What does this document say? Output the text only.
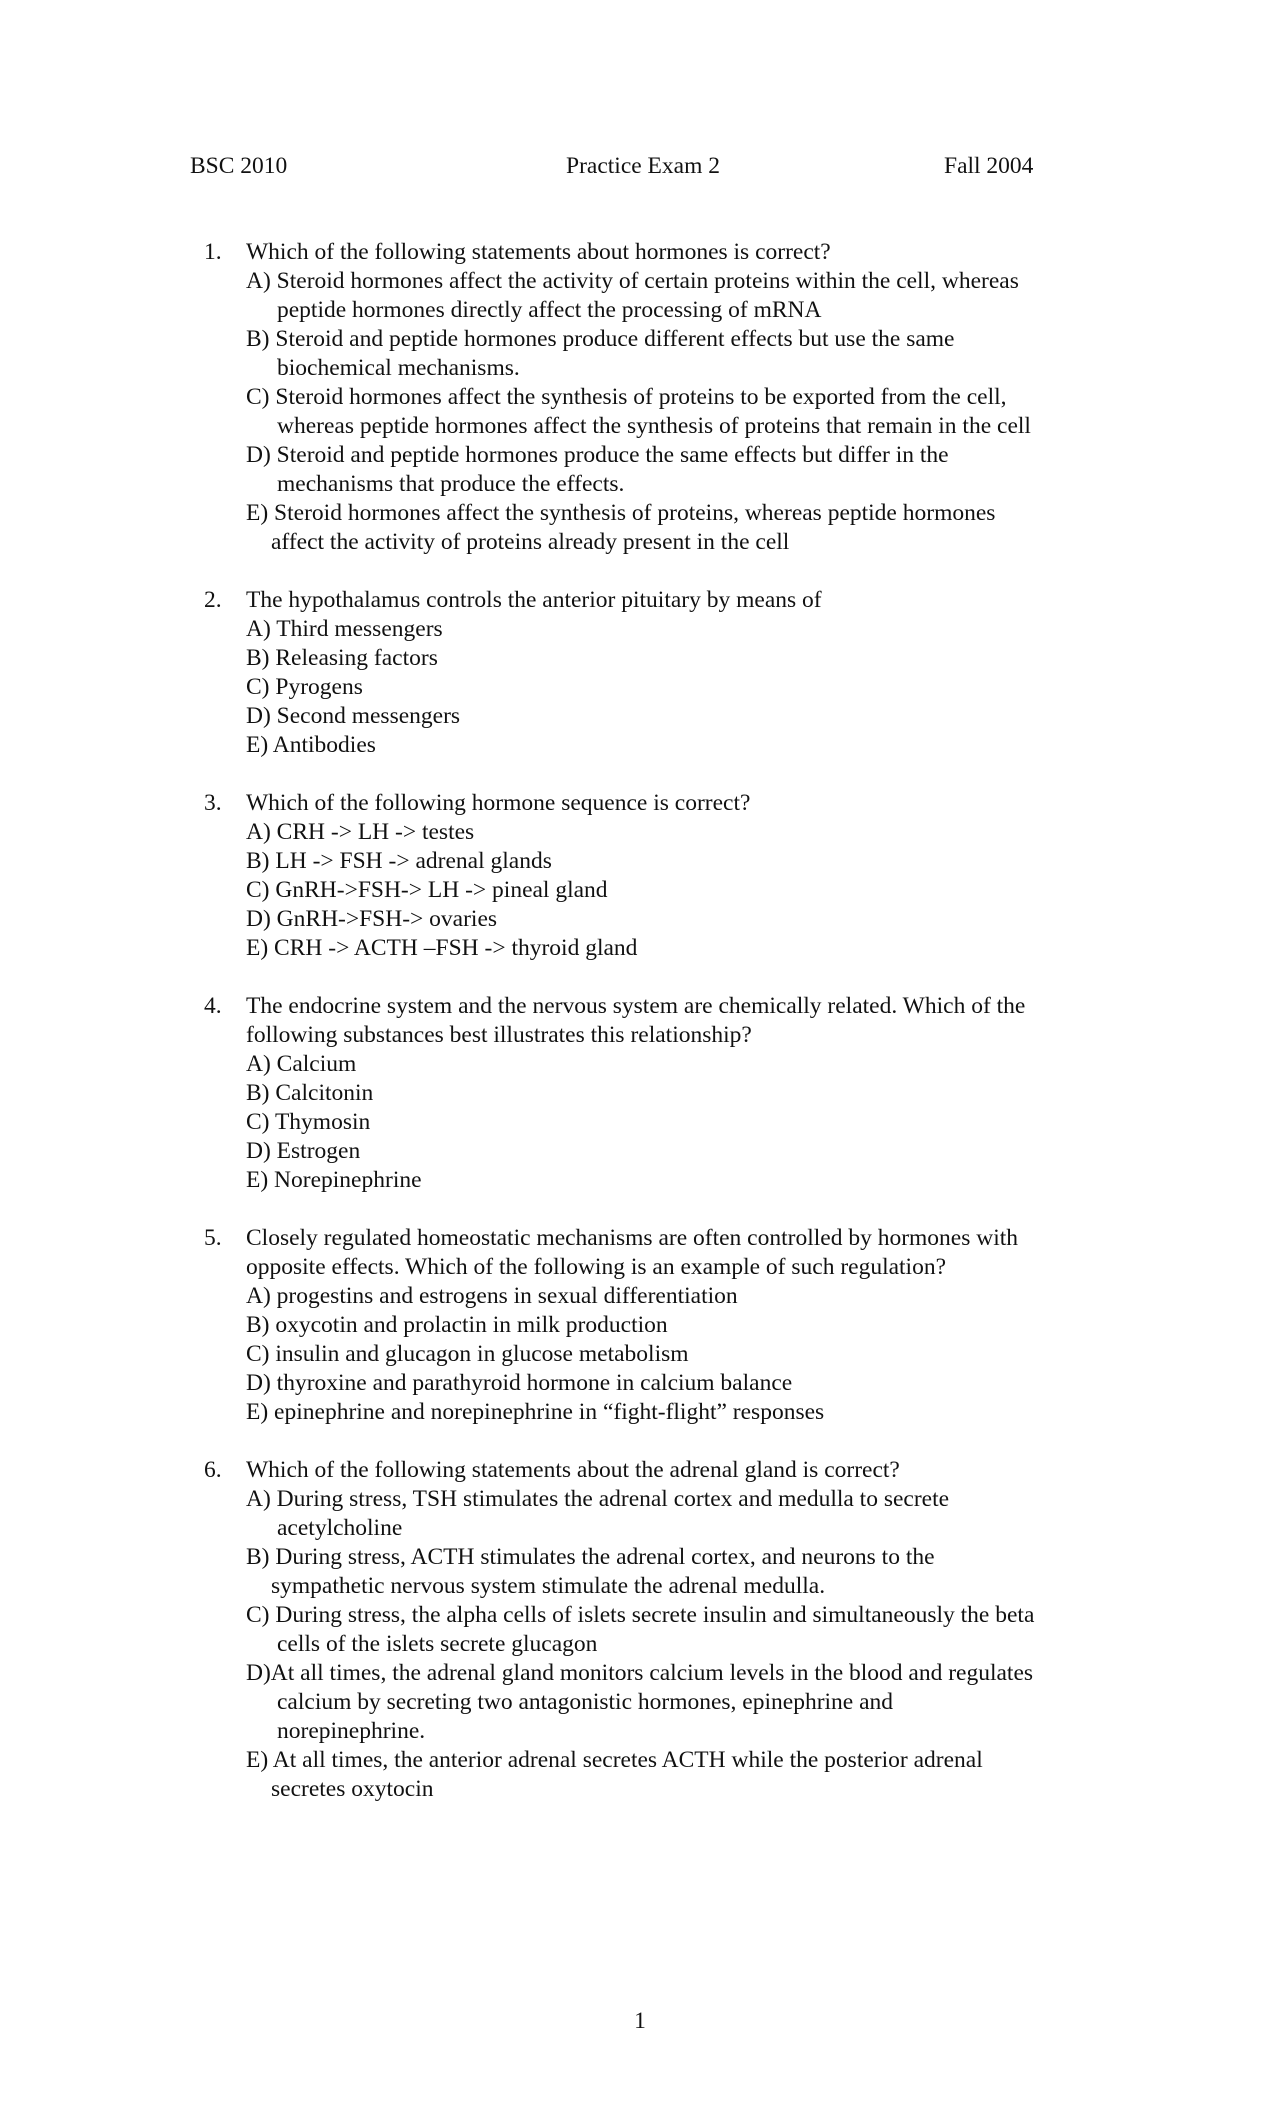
BSC 2010	Practice Exam 2	Fall 2004
1. Which of the following statements about hormones is correct?
A) Steroid hormones affect the activity of certain proteins within the cell, whereas
peptide hormones directly affect the processing of mRNA
B) Steroid and peptide hormones produce different effects but use the same
biochemical mechanisms.
C) Steroid hormones affect the synthesis of proteins to be exported from the cell,
whereas peptide hormones affect the synthesis of proteins that remain in the cell
D) Steroid and peptide hormones produce the same effects but differ in the
mechanisms that produce the effects.
E) Steroid hormones affect the synthesis of proteins, whereas peptide hormones
affect the activity of proteins already present in the cell
2. The hypothalamus controls the anterior pituitary by means of
A) Third messengers
B) Releasing factors
C) Pyrogens
D) Second messengers
E) Antibodies
3. Which of the following hormone sequence is correct?
A) CRH -> LH -> testes
B) LH -> FSH -> adrenal glands
C) GnRH->FSH-> LH -> pineal gland
D) GnRH->FSH-> ovaries
E) CRH -> ACTH –FSH -> thyroid gland
4. The endocrine system and the nervous system are chemically related. Which of the
following substances best illustrates this relationship?
A) Calcium
B) Calcitonin
C) Thymosin
D) Estrogen
E) Norepinephrine
5. Closely regulated homeostatic mechanisms are often controlled by hormones with
opposite effects. Which of the following is an example of such regulation?
A) progestins and estrogens in sexual differentiation
B) oxycotin and prolactin in milk production
C) insulin and glucagon in glucose metabolism
D) thyroxine and parathyroid hormone in calcium balance
E) epinephrine and norepinephrine in “fight-flight” responses
6. Which of the following statements about the adrenal gland is correct?
A) During stress, TSH stimulates the adrenal cortex and medulla to secrete
acetylcholine
B) During stress, ACTH stimulates the adrenal cortex, and neurons to the
sympathetic nervous system stimulate the adrenal medulla.
C) During stress, the alpha cells of islets secrete insulin and simultaneously the beta
cells of the islets secrete glucagon
D)At all times, the adrenal gland monitors calcium levels in the blood and regulates
calcium by secreting two antagonistic hormones, epinephrine and
norepinephrine.
E) At all times, the anterior adrenal secretes ACTH while the posterior adrenal
secretes oxytocin
1
